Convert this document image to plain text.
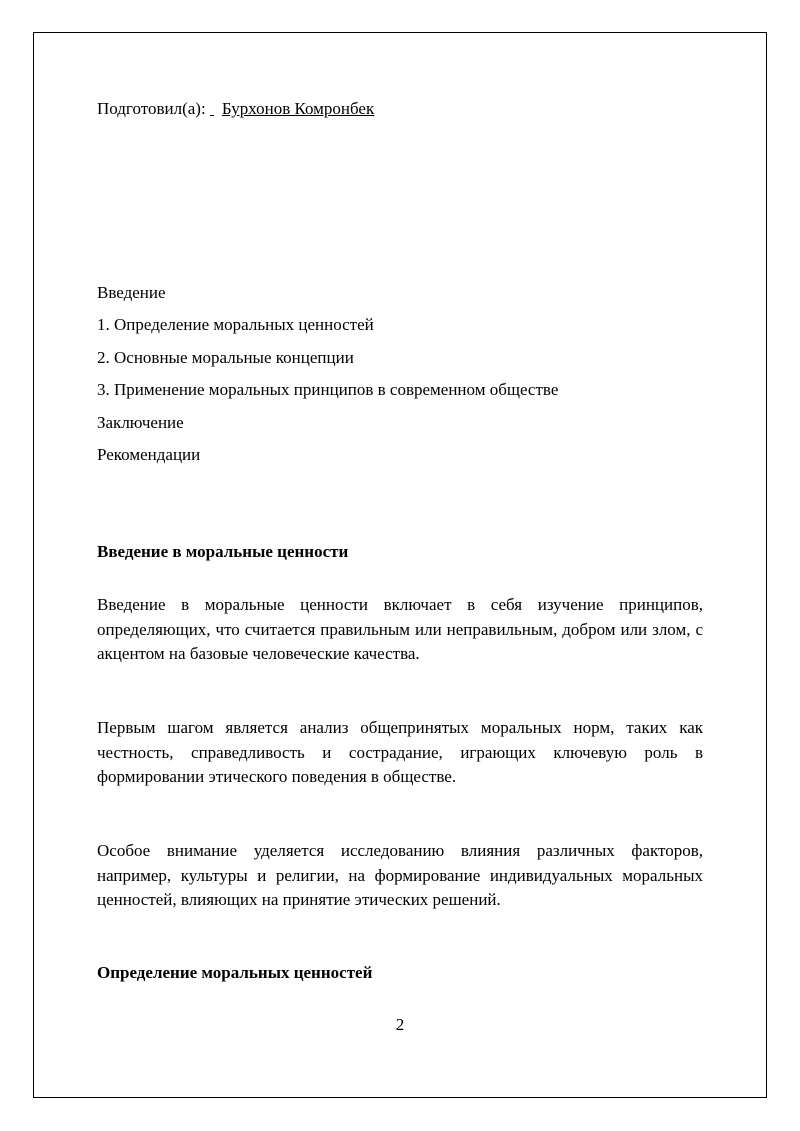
Подготовил(а): Бурхонов Комронбек
Введение
1. Определение моральных ценностей
2. Основные моральные концепции
3. Применение моральных принципов в современном обществе
Заключение
Рекомендации
Введение в моральные ценности

Введение в моральные ценности включает в себя изучение принципов, определяющих, что считается правильным или неправильным, добром или злом, с акцентом на базовые человеческие качества.

Первым шагом является анализ общепринятых моральных норм, таких как честность, справедливость и сострадание, играющих ключевую роль в формировании этического поведения в обществе.

Особое внимание уделяется исследованию влияния различных факторов, например, культуры и религии, на формирование индивидуальных моральных ценностей, влияющих на принятие этических решений.

Определение моральных ценностей
2
